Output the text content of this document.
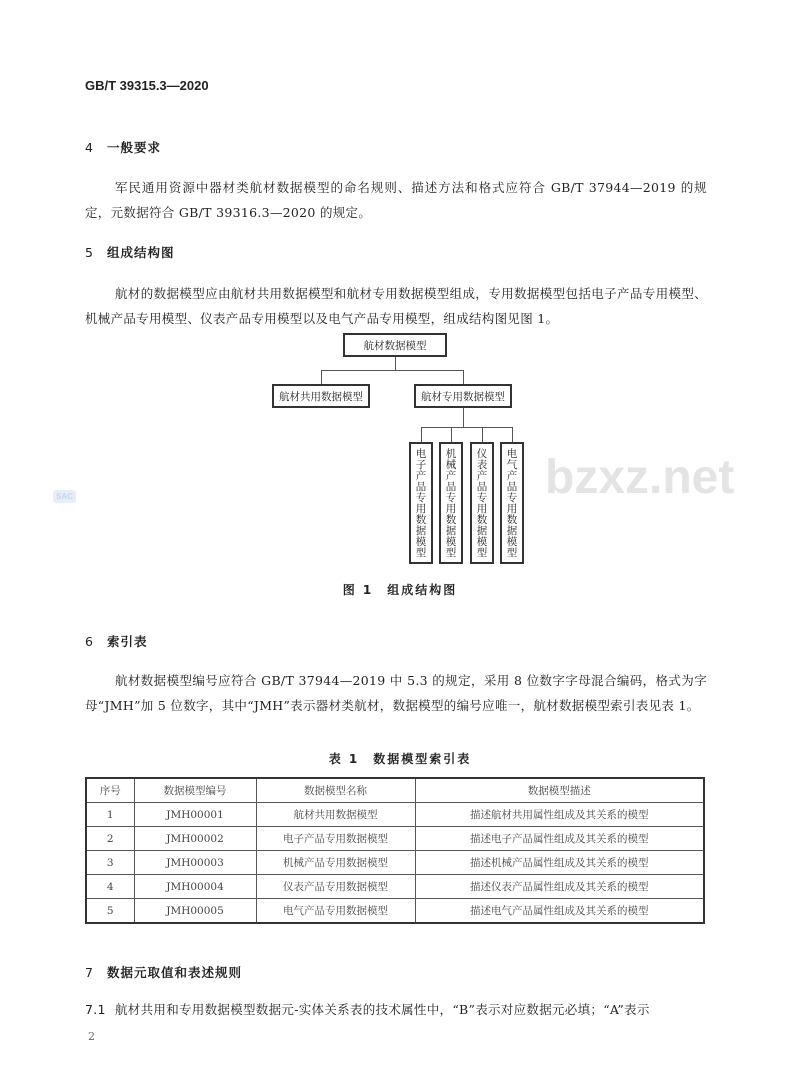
bzxz.net
SAC
GB/T 39315.3—2020
4 一般要求
军民通用资源中器材类航材数据模型的命名规则、描述方法和格式应符合 GB/T 37944—2019 的规定，元数据符合 GB/T 39316.3—2020 的规定。
5 组成结构图
航材的数据模型应由航材共用数据模型和航材专用数据模型组成，专用数据模型包括电子产品专用模型、机械产品专用模型、仪表产品专用模型以及电气产品专用模型，组成结构图见图 1。
航材数据模型
航材共用数据模型	航材专用数据模型
电子产品专用数据模型	机械产品专用数据模型	仪表产品专用数据模型	电气产品专用数据模型
图 1　组成结构图
6 索引表
航材数据模型编号应符合 GB/T 37944—2019 中 5.3 的规定，采用 8 位数字字母混合编码，格式为字母“JMH”加 5 位数字，其中“JMH”表示器材类航材，数据模型的编号应唯一，航材数据模型索引表见表 1。
表 1　数据模型索引表
序号	数据模型编号	数据模型名称	数据模型描述
1	JMH00001	航材共用数据模型	描述航材共用属性组成及其关系的模型
2	JMH00002	电子产品专用数据模型	描述电子产品属性组成及其关系的模型
3	JMH00003	机械产品专用数据模型	描述机械产品属性组成及其关系的模型
4	JMH00004	仪表产品专用数据模型	描述仪表产品属性组成及其关系的模型
5	JMH00005	电气产品专用数据模型	描述电气产品属性组成及其关系的模型
7 数据元取值和表述规则
7.1 航材共用和专用数据模型数据元-实体关系表的技术属性中，“B”表示对应数据元必填；“A”表示
2
